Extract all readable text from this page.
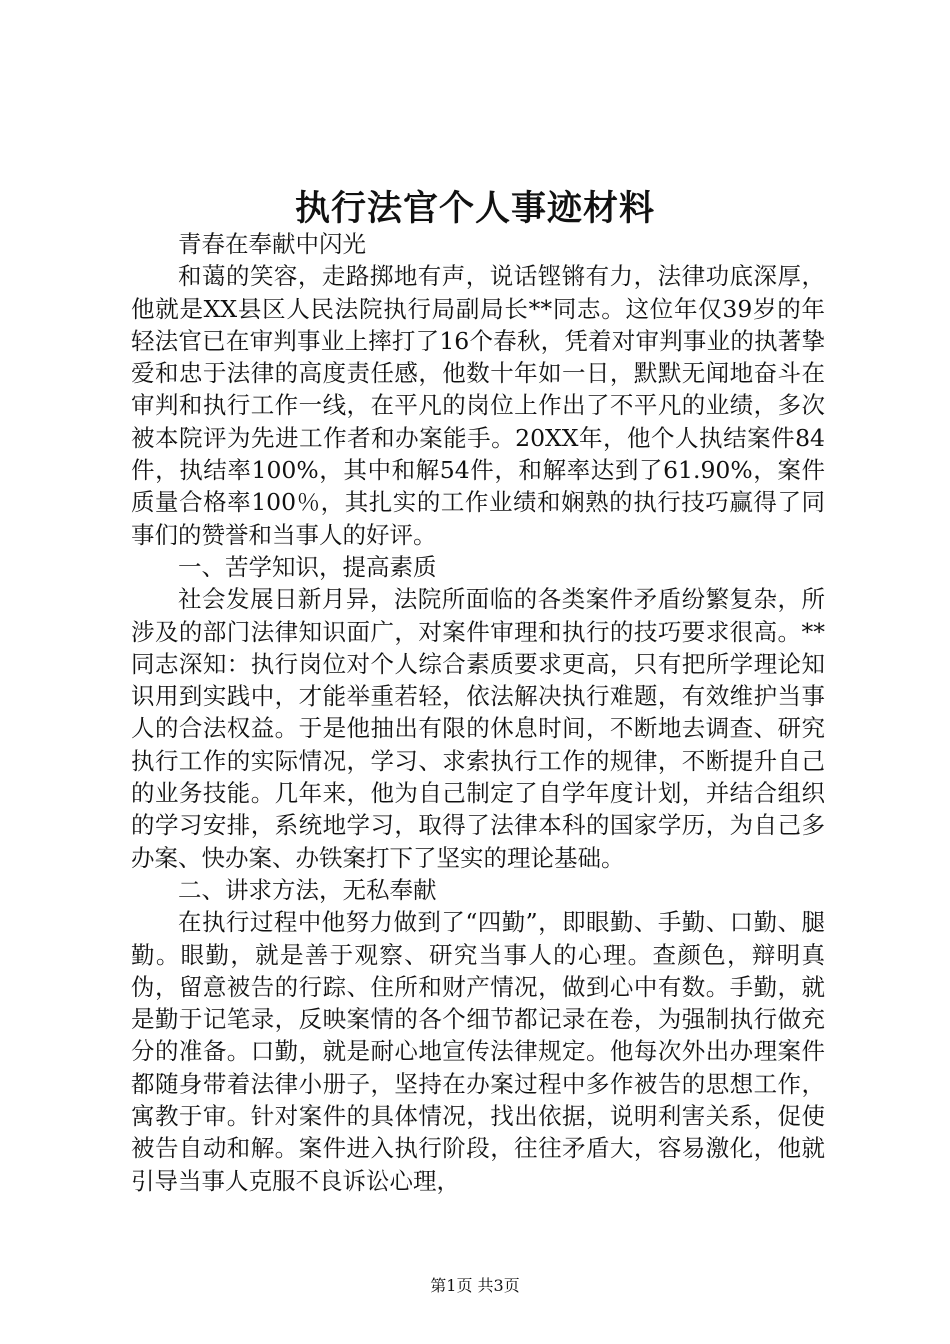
执行法官个人事迹材料

青春在奉献中闪光

和蔼的笑容，走路掷地有声，说话铿锵有力，法律功底深厚，他就是XX县区人民法院执行局副局长**同志。这位年仅39岁的年轻法官已在审判事业上摔打了16个春秋，凭着对审判事业的执著挚爱和忠于法律的高度责任感，他数十年如一日，默默无闻地奋斗在审判和执行工作一线，在平凡的岗位上作出了不平凡的业绩，多次被本院评为先进工作者和办案能手。20XX年，他个人执结案件84件，执结率100%，其中和解54件，和解率达到了61.90%，案件质量合格率100％，其扎实的工作业绩和娴熟的执行技巧赢得了同事们的赞誉和当事人的好评。

一、苦学知识，提高素质

社会发展日新月异，法院所面临的各类案件矛盾纷繁复杂，所涉及的部门法律知识面广，对案件审理和执行的技巧要求很高。**同志深知：执行岗位对个人综合素质要求更高，只有把所学理论知识用到实践中，才能举重若轻，依法解决执行难题，有效维护当事人的合法权益。于是他抽出有限的休息时间，不断地去调查、研究执行工作的实际情况，学习、求索执行工作的规律，不断提升自己的业务技能。几年来，他为自己制定了自学年度计划，并结合组织的学习安排，系统地学习，取得了法律本科的国家学历，为自己多办案、快办案、办铁案打下了坚实的理论基础。

二、讲求方法，无私奉献

在执行过程中他努力做到了“四勤”，即眼勤、手勤、口勤、腿勤。眼勤，就是善于观察、研究当事人的心理。查颜色，辩明真伪，留意被告的行踪、住所和财产情况，做到心中有数。手勤，就是勤于记笔录，反映案情的各个细节都记录在卷，为强制执行做充分的准备。口勤，就是耐心地宣传法律规定。他每次外出办理案件都随身带着法律小册子，坚持在办案过程中多作被告的思想工作，寓教于审。针对案件的具体情况，找出依据，说明利害关系，促使被告自动和解。案件进入执行阶段，往往矛盾大，容易激化，他就引导当事人克服不良诉讼心理，

第1页 共3页
